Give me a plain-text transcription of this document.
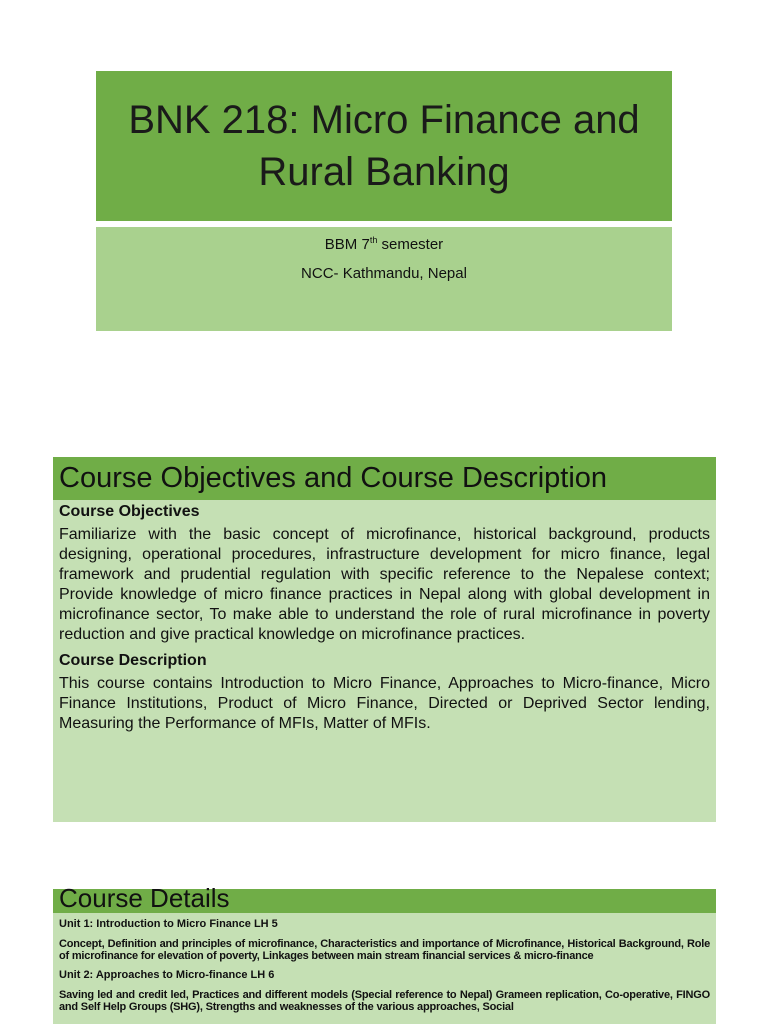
BNK 218: Micro Finance and Rural Banking

BBM 7th semester

NCC- Kathmandu, Nepal

Course Objectives and Course Description
Course Objectives

Familiarize with the basic concept of microfinance, historical background, products designing, operational procedures, infrastructure development for micro finance, legal framework and prudential regulation with specific reference to the Nepalese context; Provide knowledge of micro finance practices in Nepal along with global development in microfinance sector, To make able to understand the role of rural microfinance in poverty reduction and give practical knowledge on microfinance practices.

Course Description

This course contains Introduction to Micro Finance, Approaches to Micro-finance, Micro Finance Institutions, Product of Micro Finance, Directed or Deprived Sector lending, Measuring the Performance of MFIs, Matter of MFIs.

Course Details

Unit 1: Introduction to Micro Finance LH 5

Concept, Definition and principles of microfinance, Characteristics and importance of Microfinance, Historical Background, Role of microfinance for elevation of poverty, Linkages between main stream financial services & micro-finance

Unit 2: Approaches to Micro-finance LH 6

Saving led and credit led, Practices and different models (Special reference to Nepal) Grameen replication, Co-operative, FINGO and Self Help Groups (SHG), Strengths and weaknesses of the various approaches, Social
